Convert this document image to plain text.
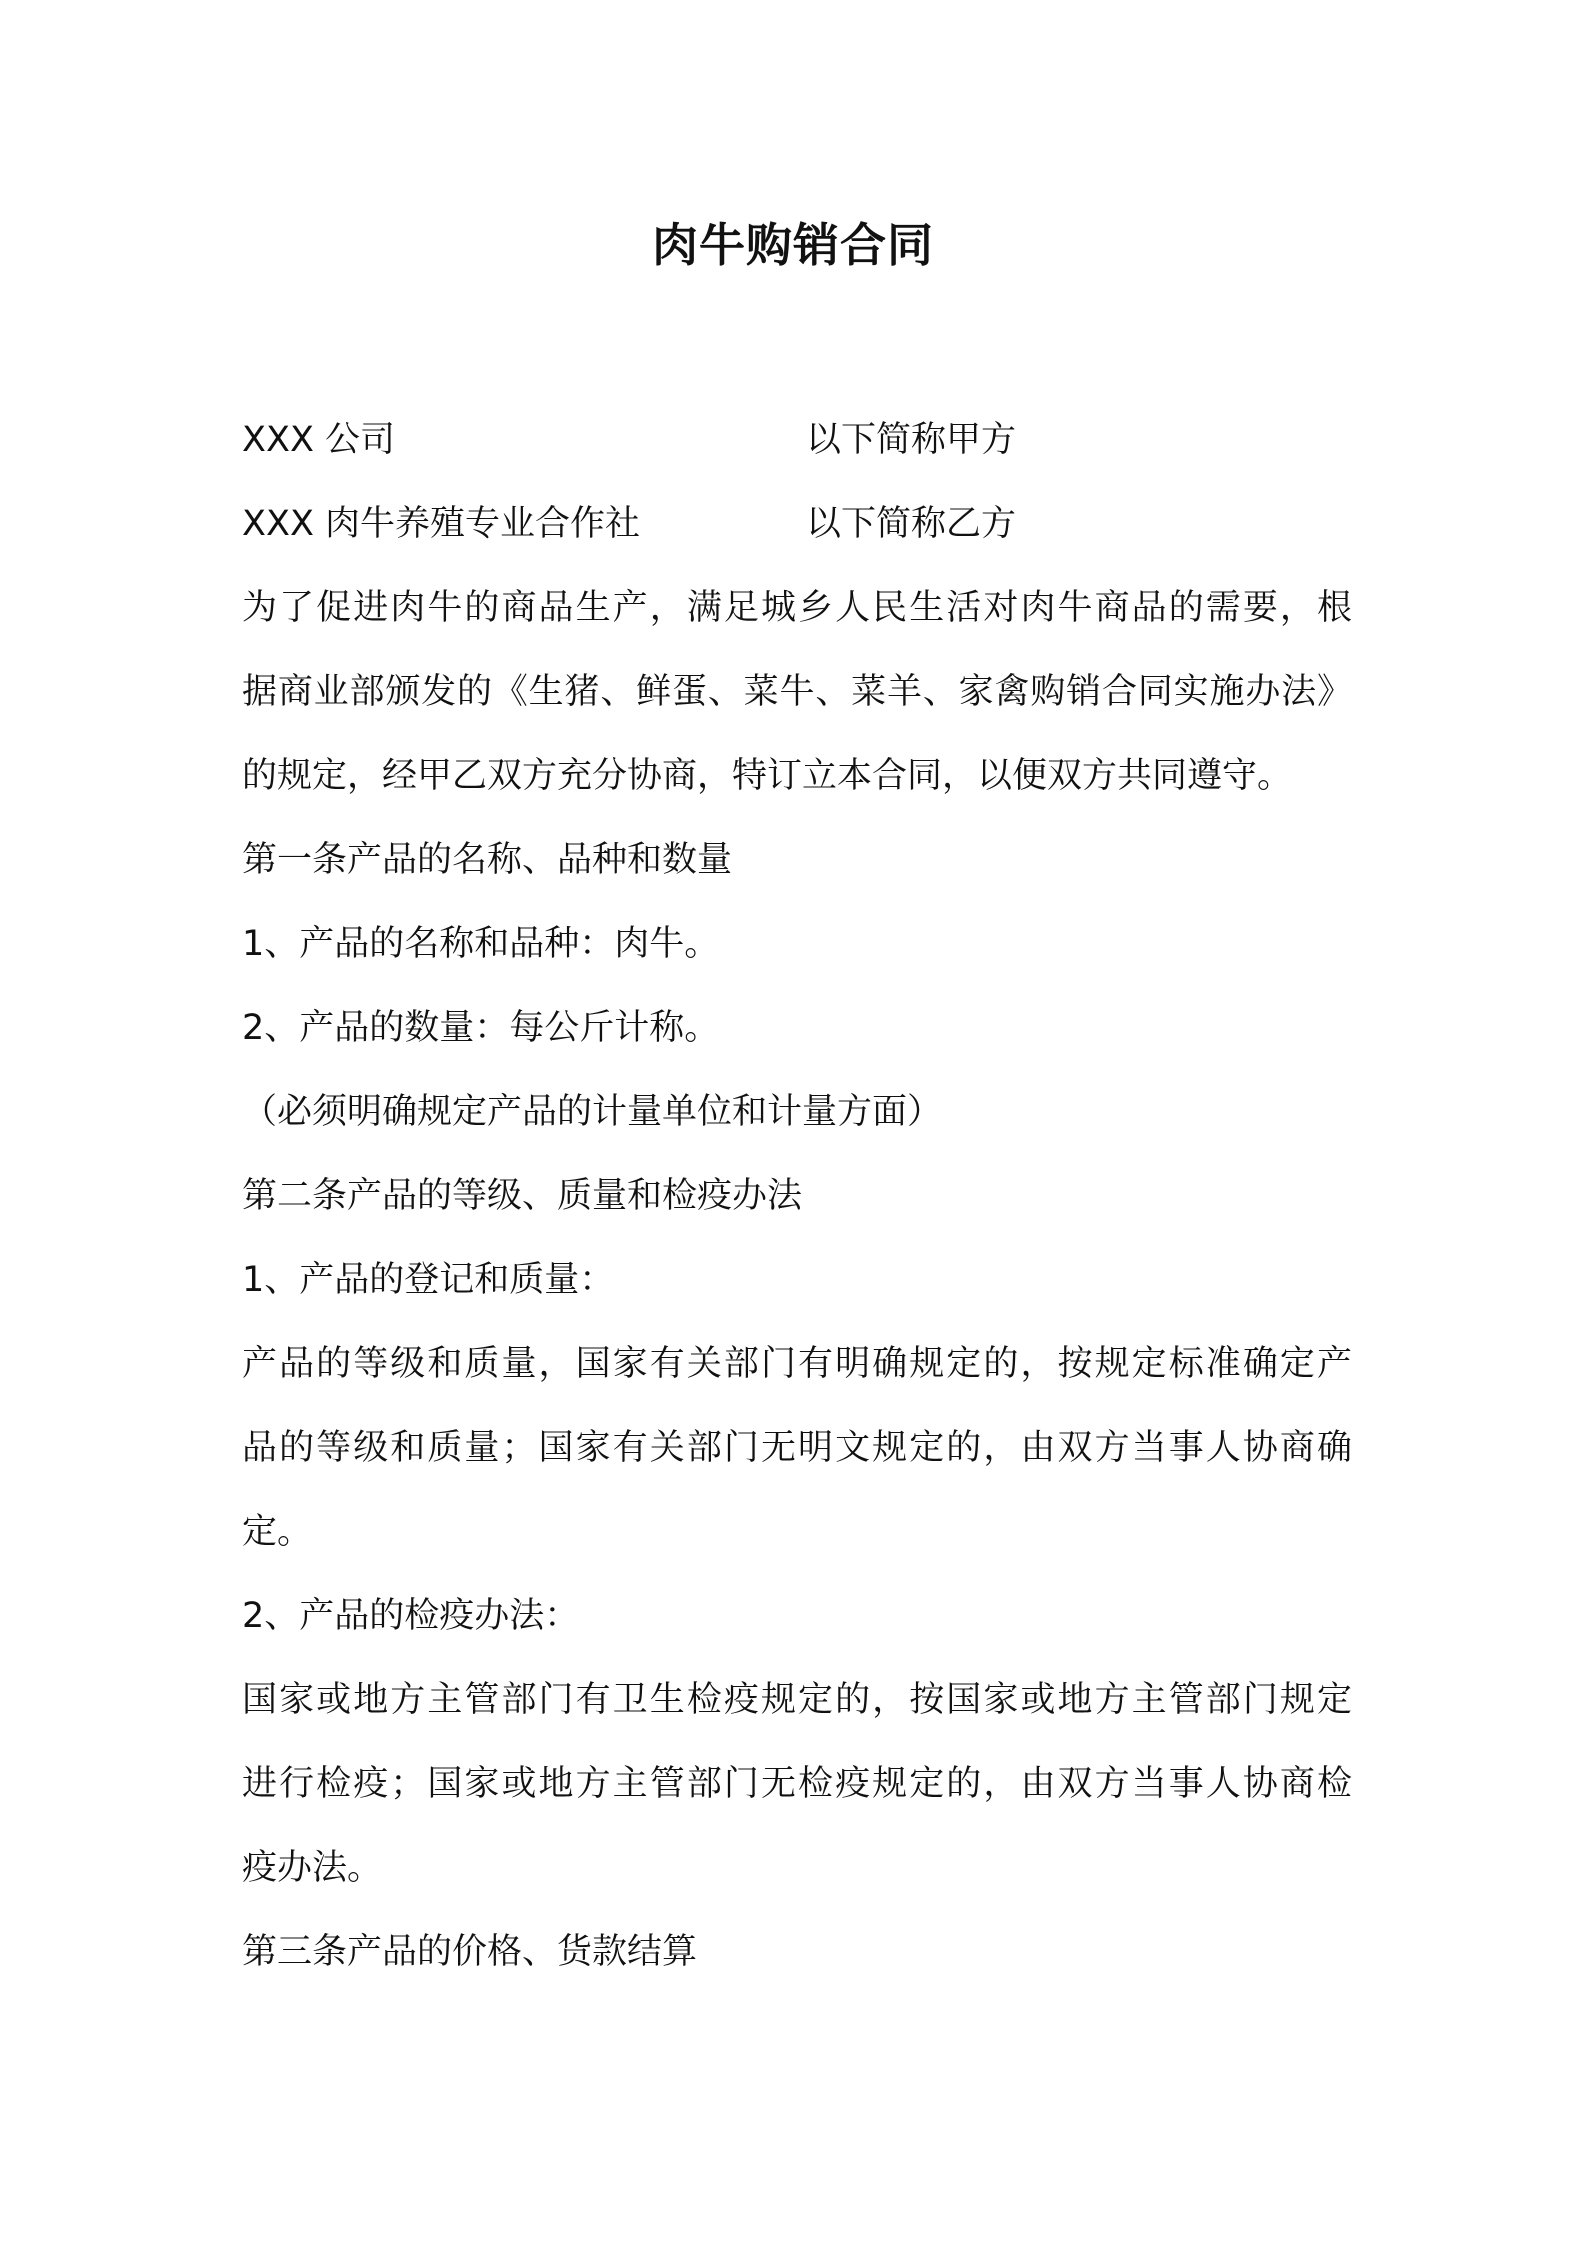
肉牛购销合同
XXX 公司	以下简称甲方
XXX 肉牛养殖专业合作社	以下简称乙方
为了促进肉牛的商品生产，满足城乡人民生活对肉牛商品的需要，根
据商业部颁发的《生猪、鲜蛋、菜牛、菜羊、家禽购销合同实施办法》
的规定，经甲乙双方充分协商，特订立本合同，以便双方共同遵守。
第一条产品的名称、品种和数量
1、产品的名称和品种：肉牛。
2、产品的数量：每公斤计称。
（必须明确规定产品的计量单位和计量方面）
第二条产品的等级、质量和检疫办法
1、产品的登记和质量：
产品的等级和质量，国家有关部门有明确规定的，按规定标准确定产
品的等级和质量；国家有关部门无明文规定的，由双方当事人协商确
定。
2、产品的检疫办法：
国家或地方主管部门有卫生检疫规定的，按国家或地方主管部门规定
进行检疫；国家或地方主管部门无检疫规定的，由双方当事人协商检
疫办法。
第三条产品的价格、货款结算
